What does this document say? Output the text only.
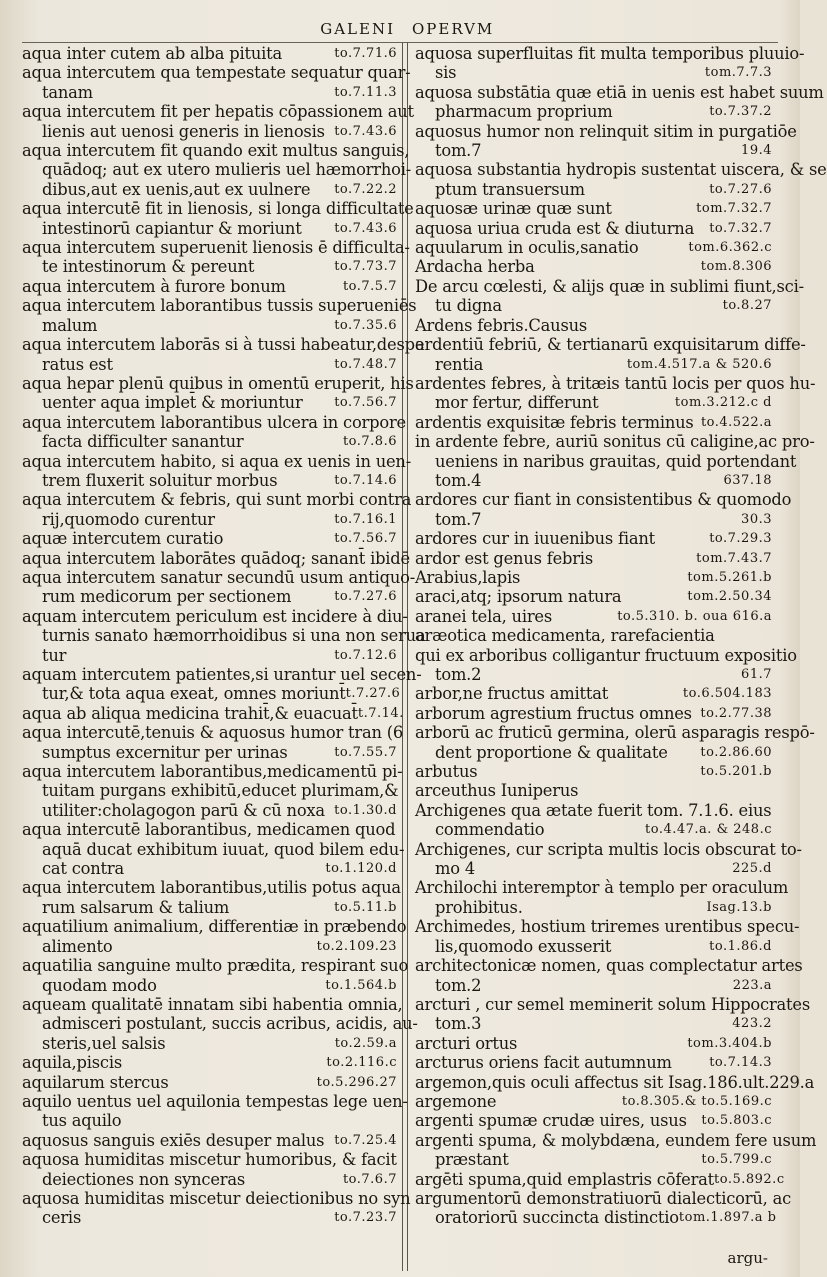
GALENI OPERVM
aqua inter cutem ab alba pituita	to.7.71.6
aqua intercutem qua tempestate sequatur quar-
tanam	to.7.11.3
aqua intercutem fit per hepatis cōpassionem aut
lienis aut uenosi generis in lienosis to.7.43.6
aqua intercutem fit quando exit multus sanguis,
quādoq; aut ex utero mulieris uel hæmorrhoi-
dibus,aut ex uenis,aut ex uulnere to.7.22.2
aqua intercutē fit in lienosis, si longa difficultate
intestinorū capiantur & moriunt	to.7.43.6
aqua intercutem superuenit lienosis ē difficulta-
te intestinorum & pereunt	to.7.73.7
aqua intercutem à furore bonum	to.7.5.7
aqua intercutem laborantibus tussis superueniēs
malum	to.7.35.6
aqua intercutem laborās si à tussi habeatur,despe
ratus est	to.7.48.7
aqua hepar plenū quibus in omentū eruperit, his
uenter aqua implet̄ & moriuntur to.7.56.7
aqua intercutem laborantibus ulcera in corpore
facta difficulter sanantur	to.7.8.6
aqua intercutem habito, si aqua ex uenis in uen-
trem fluxerit soluitur morbus	to.7.14.6
aqua intercutem & febris, qui sunt morbi contra
rij,quomodo curentur	to.7.16.1
aquæ intercutem curatio	to.7.56.7
aqua intercutem laborātes quādoq; sanant̄ ibidē
aqua intercutem sanatur secundū usum antiquo-
rum medicorum per sectionem	to.7.27.6
aquam intercutem periculum est incidere à diu-
turnis sanato hæmorrhoidibus si una non serua
tur	to.7.12.6
aquam intercutem patientes,si urantur uel secen-
tur,& tota aqua exeat, omnes moriunt̄ t.7.27.6
aqua ab aliqua medicina trahit̄,& euacuat̄ t.7.14.
aqua intercutē,tenuis & aquosus humor tran (6
sumptus excernitur per urinas	to.7.55.7
aqua intercutem laborantibus,medicamentū pi-
tuitam purgans exhibitū,educet plurimam,&
utiliter:cholagogon parū & cū noxa to.1.30.d
aqua intercutē laborantibus, medicamen quod
aquā ducat exhibitum iuuat, quod bilem edu-
cat contra	to.1.120.d
aqua intercutem laborantibus,utilis potus aqua
rum salsarum & talium	to.5.11.b
aquatilium animalium, differentiæ in præbendo
alimento	to.2.109.23
aquatilia sanguine multo prædita, respirant suo
quodam modo	to.1.564.b
aqueam qualitatē innatam sibi habentia omnia,
admisceri postulant, succis acribus, acidis, au-
steris,uel salsis	to.2.59.a
aquila,piscis	to.2.116.c
aquilarum stercus	to.5.296.27
aquilo uentus uel aquilonia tempestas lege uen-
tus aquilo
aquosus sanguis exiēs desuper malus to.7.25.4
aquosa humiditas miscetur humoribus, & facit
deiectiones non synceras	to.7.6.7
aquosa humiditas miscetur deiectionibus no syn
ceris	to.7.23.7
aquosa superfluitas fit multa temporibus pluuio-
sis	tom.7.7.3
aquosa substātia quæ etiā in uenis est habet suum
pharmacum proprium	to.7.37.2
aquosus humor non relinquit sitim in purgatiōe
tom.7	19.4
aquosa substantia hydropis sustentat uiscera, & se
ptum transuersum	to.7.27.6
aquosæ urinæ quæ sunt	tom.7.32.7
aquosa uriua cruda est & diuturna to.7.32.7
aquularum in oculis,sanatio	tom.6.362.c
Ardacha herba	tom.8.306
De arcu cœlesti, & alijs quæ in sublimi fiunt,sci-
tu digna	to.8.27
Ardens febris.Causus
ardentiū febriū, & tertianarū exquisitarum diffe-
rentia	tom.4.517.a & 520.6
ardentes febres, à tritæis tantū locis per quos hu-
mor fertur, differunt	tom.3.212.c d
ardentis exquisitæ febris terminus to.4.522.a
in ardente febre, auriū sonitus cū caligine,ac pro-
ueniens in naribus grauitas, quid portendant
tom.4	637.18
ardores cur fiant in consistentibus & quomodo
tom.7	30.3
ardores cur in iuuenibus fiant	to.7.29.3
ardor est genus febris	tom.7.43.7
Arabius,lapis	tom.5.261.b
araci,atq; ipsorum natura	tom.2.50.34
aranei tela, uires	to.5.310. b. oua 616.a
aræotica medicamenta, rarefacientia
qui ex arboribus colligantur fructuum expositio
tom.2	61.7
arbor,ne fructus amittat	to.6.504.183
arborum agrestium fructus omnes to.2.77.38
arborū ac fruticū germina, olerū asparagis respō-
dent proportione & qualitate	to.2.86.60
arbutus	to.5.201.b
arceuthus Iuniperus
Archigenes qua ætate fuerit tom. 7.1.6. eius
commendatio	to.4.47.a. & 248.c
Archigenes, cur scripta multis locis obscurat to-
mo 4	225.d
Archilochi interemptor à templo per oraculum
prohibitus.	Isag.13.b
Archimedes, hostium triremes urentibus specu-
lis,quomodo exusserit	to.1.86.d
architectonicæ nomen, quas complectatur artes
tom.2	223.a
arcturi , cur semel meminerit solum Hippocrates
tom.3	423.2
arcturi ortus	tom.3.404.b
arcturus oriens facit autumnum	to.7.14.3
argemon,quis oculi affectus sit Isag.186.ult.229.a
argemone	to.8.305.& to.5.169.c
argenti spumæ crudæ uires, usus to.5.803.c
argenti spuma, & molybdæna, eundem fere usum
præstant	to.5.799.c
argēti spuma,quid emplastris cōferat to.5.892.c
argumentorū demonstratiuorū dialecticorū, ac
oratoriorū succincta distinctio tom.1.897.a b
argu-
